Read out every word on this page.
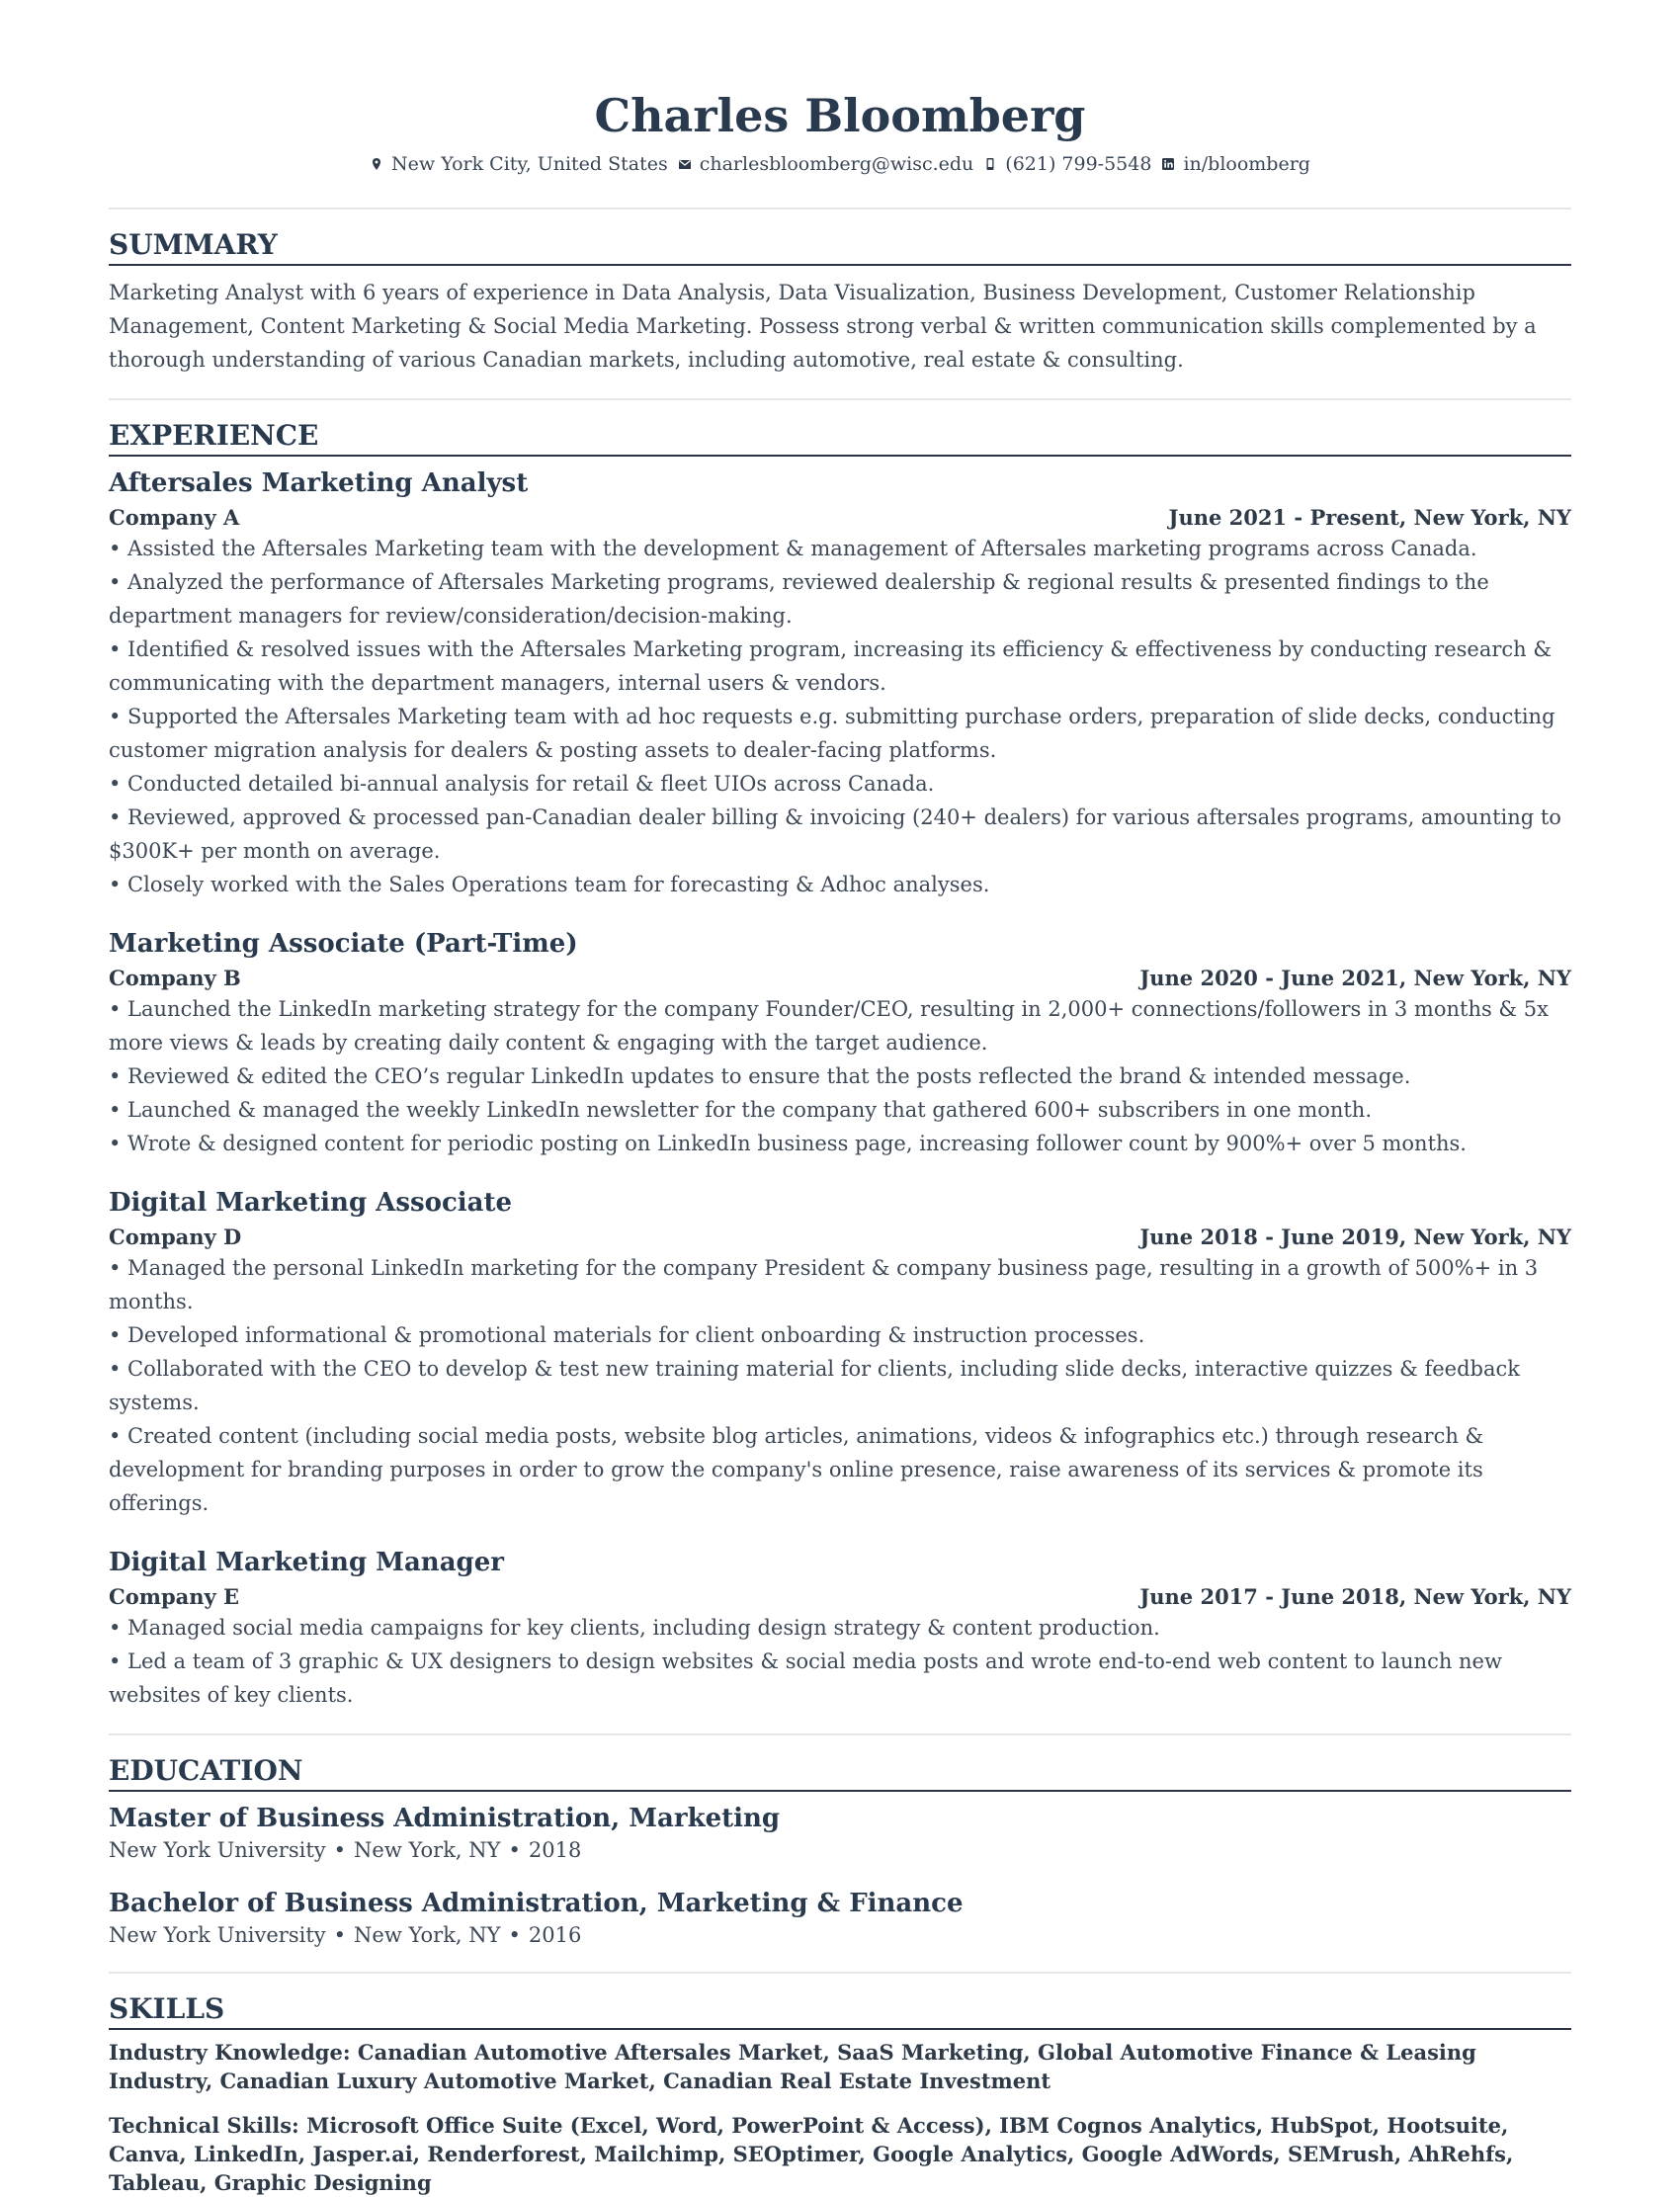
Charles Bloomberg
New York City, United States charlesbloomberg@wisc.edu (621) 799-5548 in/bloomberg
SUMMARY
Marketing Analyst with 6 years of experience in Data Analysis, Data Visualization, Business Development, Customer Relationship Management, Content Marketing & Social Media Marketing. Possess strong verbal & written communication skills complemented by a thorough understanding of various Canadian markets, including automotive, real estate & consulting.
EXPERIENCE
Aftersales Marketing Analyst
Company A	June 2021 - Present, New York, NY
• Assisted the Aftersales Marketing team with the development & management of Aftersales marketing programs across Canada.
• Analyzed the performance of Aftersales Marketing programs, reviewed dealership & regional results & presented findings to the department managers for review/consideration/decision-making.
• Identified & resolved issues with the Aftersales Marketing program, increasing its efficiency & effectiveness by conducting research & communicating with the department managers, internal users & vendors.
• Supported the Aftersales Marketing team with ad hoc requests e.g. submitting purchase orders, preparation of slide decks, conducting customer migration analysis for dealers & posting assets to dealer-facing platforms.
• Conducted detailed bi-annual analysis for retail & fleet UIOs across Canada.
• Reviewed, approved & processed pan-Canadian dealer billing & invoicing (240+ dealers) for various aftersales programs, amounting to $300K+ per month on average.
• Closely worked with the Sales Operations team for forecasting & Adhoc analyses.
Marketing Associate (Part-Time)
Company B	June 2020 - June 2021, New York, NY
• Launched the LinkedIn marketing strategy for the company Founder/CEO, resulting in 2,000+ connections/followers in 3 months & 5x more views & leads by creating daily content & engaging with the target audience.
• Reviewed & edited the CEO’s regular LinkedIn updates to ensure that the posts reflected the brand & intended message.
• Launched & managed the weekly LinkedIn newsletter for the company that gathered 600+ subscribers in one month.
• Wrote & designed content for periodic posting on LinkedIn business page, increasing follower count by 900%+ over 5 months.
Digital Marketing Associate
Company D	June 2018 - June 2019, New York, NY
• Managed the personal LinkedIn marketing for the company President & company business page, resulting in a growth of 500%+ in 3 months.
• Developed informational & promotional materials for client onboarding & instruction processes.
• Collaborated with the CEO to develop & test new training material for clients, including slide decks, interactive quizzes & feedback systems.
• Created content (including social media posts, website blog articles, animations, videos & infographics etc.) through research & development for branding purposes in order to grow the company's online presence, raise awareness of its services & promote its offerings.
Digital Marketing Manager
Company E	June 2017 - June 2018, New York, NY
• Managed social media campaigns for key clients, including design strategy & content production.
• Led a team of 3 graphic & UX designers to design websites & social media posts and wrote end-to-end web content to launch new websites of key clients.
EDUCATION
Master of Business Administration, Marketing
New York University • New York, NY • 2018
Bachelor of Business Administration, Marketing & Finance
New York University • New York, NY • 2016
SKILLS
Industry Knowledge: Canadian Automotive Aftersales Market, SaaS Marketing, Global Automotive Finance & Leasing Industry, Canadian Luxury Automotive Market, Canadian Real Estate Investment
Technical Skills: Microsoft Office Suite (Excel, Word, PowerPoint & Access), IBM Cognos Analytics, HubSpot, Hootsuite, Canva, LinkedIn, Jasper.ai, Renderforest, Mailchimp, SEOptimer, Google Analytics, Google AdWords, SEMrush, AhRehfs, Tableau, Graphic Designing
